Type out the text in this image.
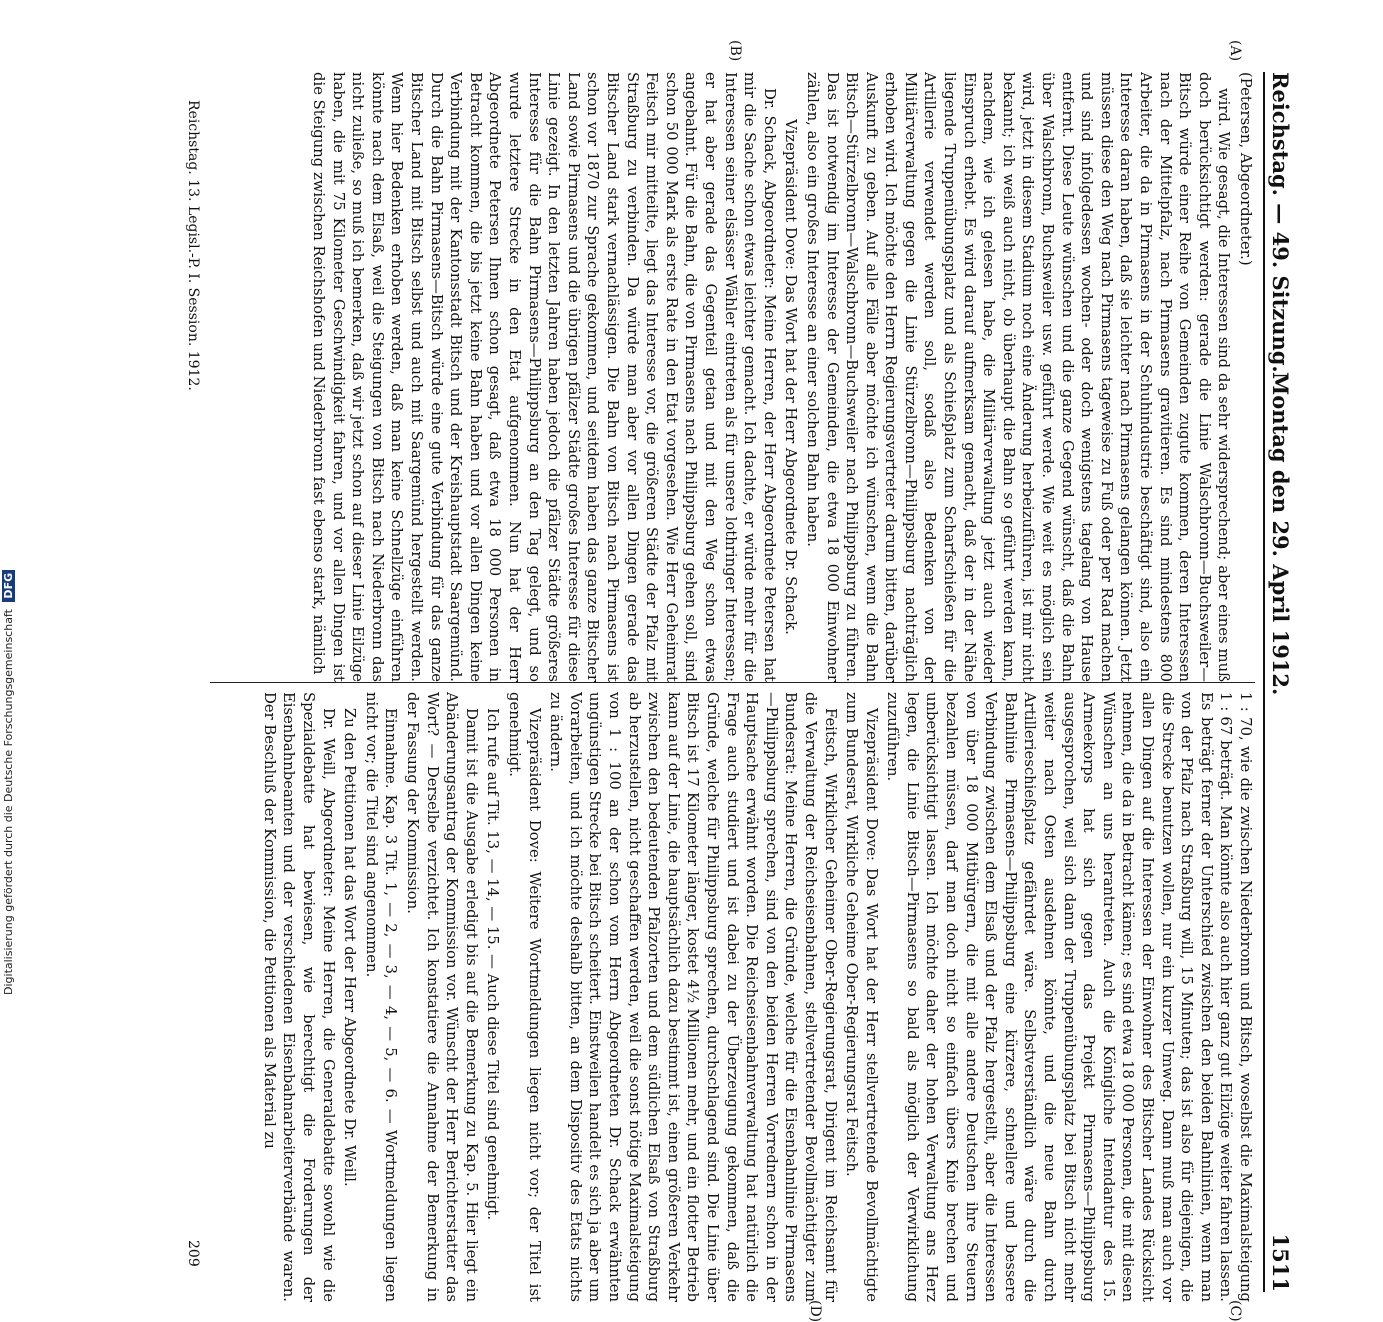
Reichstag. — 49. Sitzung.
Montag den 29. April 1912.
1511

(Petersen, Abgeordneter.)

wird. Wie gesagt, die Interessen sind da sehr widersprechend; aber eines muß doch berücksichtigt werden: gerade die Linie Walschbronn—Buchsweiler—Bitsch würde einer Reihe von Gemeinden zugute kommen, deren Interessen nach der Mittelpfalz, nach Pirmasens gravitieren. Es sind mindestens 800 Arbeiter, die da in Pirmasens in der Schuhindustrie beschäftigt sind, also ein Interesse daran haben, daß sie leichter nach Pirmasens gelangen können. Jetzt müssen diese den Weg nach Pirmasens tageweise zu Fuß oder per Rad machen und sind infolgedessen wochen- oder doch wenigstens tagelang von Hause entfernt. Diese Leute wünschen und die ganze Gegend wünscht, daß die Bahn über Walschbronn, Buchsweiler usw. geführt werde. Wie weit es möglich sein wird, jetzt in diesem Stadium noch eine Änderung herbeizuführen, ist mir nicht bekannt; ich weiß auch nicht, ob überhaupt die Bahn so geführt werden kann, nachdem, wie ich gelesen habe, die Militärverwaltung jetzt auch wieder Einspruch erhebt. Es wird darauf aufmerksam gemacht, daß der in der Nähe liegende Truppenübungsplatz und als Schießplatz zum Scharfschießen für die Artillerie verwendet werden soll, sodaß also Bedenken von der Militärverwaltung gegen die Linie Stürzelbronn—Philippsburg nachträglich erhoben wird. Ich möchte den Herrn Regierungsvertreter darum bitten, darüber Auskunft zu geben. Auf alle Fälle aber möchte ich wünschen, wenn die Bahn Bitsch—Stürzelbronn—Walschbronn—Buchsweiler nach Philippsburg zu führen. Das ist notwendig im Interesse der Gemeinden, die etwa 18 000 Einwohner zählen, also ein großes Interesse an einer solchen Bahn haben.

Vizepräsident Dove: Das Wort hat der Herr Abgeordnete Dr. Schack.

Dr. Schack, Abgeordneter: Meine Herren, der Herr Abgeordnete Petersen hat mir die Sache schon etwas leichter gemacht. Ich dachte, er würde mehr für die Interessen seiner elsässer Wähler eintreten als für unsere lothringer Interessen; er hat aber gerade das Gegenteil getan und mit den Weg schon etwas angebahnt. Für die Bahn, die von Pirmasens nach Philippsburg gehen soll, sind schon 50 000 Mark als erste Rate in den Etat vorgesehen. Wie Herr Geheimrat Feitsch mir mitteilte, liegt das Interesse vor, die größeren Städte der Pfalz mit Straßburg zu verbinden. Da würde man aber vor allen Dingen gerade das Bitscher Land stark vernachlässigen. Die Bahn von Bitsch nach Pirmasens ist schon vor 1870 zur Sprache gekommen, und seitdem haben das ganze Bitscher Land sowie Pirmasens und die übrigen pfälzer Städte großes Interesse für diese Linie gezeigt. In den letzten Jahren haben jedoch die pfälzer Städte größeres Interesse für die Bahn Pirmasens—Philippsburg an den Tag gelegt, und so wurde letztere Strecke in den Etat aufgenommen. Nun hat der Herr Abgeordnete Petersen Ihnen schon gesagt, daß etwa 18 000 Personen in Betracht kommen, die bis jetzt keine Bahn haben und vor allen Dingen keine Verbindung mit der Kantonsstadt Bitsch und der Kreishauptstadt Saargemünd. Durch die Bahn Pirmasens—Bitsch würde eine gute Verbindung für das ganze Bitscher Land mit Bitsch selbst und auch mit Saargemünd hergestellt werden. Wenn hier Bedenken erhoben werden, daß man keine Schnellzüge einführen könnte nach dem Elsaß, weil die Steigungen von Bitsch nach Niederbronn das nicht zuließe, so muß ich bemerken, daß wir jetzt schon auf dieser Linie Eilzüge haben, die mit 75 Kilometer Geschwindigkeit fahren, und vor allen Dingen ist die Steigung zwischen Reichshofen und Niederbronn fast ebenso stark, nämlich

1 : 70, wie die zwischen Niederbronn und Bitsch, woselbst die Maximalsteigung 1 : 67 beträgt. Man könnte also auch hier ganz gut Eilzüge weiter fahren lassen. Es beträgt ferner der Unterschied zwischen den beiden Bahnlinien, wenn man von der Pfalz nach Straßburg will, 15 Minuten; das ist also für diejenigen, die die Strecke benutzen wollen, nur ein kurzer Umweg. Dann muß man auch vor allen Dingen auf die Interessen der Einwohner des Bitscher Landes Rücksicht nehmen, die da in Betracht kämen; es sind etwa 18 000 Personen, die mit diesen Wünschen an uns herantreten. Auch die Königliche Intendantur des 15. Armeekorps hat sich gegen das Projekt Pirmasens—Philippsburg ausgesprochen, weil sich dann der Truppenübungsplatz bei Bitsch nicht mehr weiter nach Osten ausdehnen könnte, und die neue Bahn durch Artillerieschießplatz gefährdet wäre. Selbstverständlich wäre durch die Bahnlinie Pirmasens—Philippsburg eine kürzere, schnellere und bessere Verbindung zwischen dem Elsaß und der Pfalz hergestellt, aber die Interessen von über 18 000 Mitbürgern, die mit alle andere Deutschen ihre Steuern bezahlen müssen, darf man doch nicht so einfach übers Knie brechen und unberücksichtigt lassen. Ich möchte daher der hohen Verwaltung ans Herz legen, die Linie Bitsch—Pirmasens so bald als möglich der Verwirklichung zuzuführen.

Vizepräsident Dove: Das Wort hat der Herr stellvertretende Bevollmächtigte zum Bundesrat, Wirkliche Geheime Ober-Regierungsrat Feitsch.

Feitsch, Wirklicher Geheimer Ober-Regierungsrat, Dirigent im Reichsamt für die Verwaltung der Reichseisenbahnen, stellvertretender Bevollmächtigter zum Bundesrat: Meine Herren, die Gründe, welche für die Eisenbahnlinie Pirmasens—Philippsburg sprechen, sind von den beiden Herren Vorrednern schon in der Hauptsache erwähnt worden. Die Reichseisenbahnverwaltung hat natürlich die Frage auch studiert und ist dabei zu der Überzeugung gekommen, daß die Gründe, welche für Philippsburg sprechen, durchschlagend sind. Die Linie über Bitsch ist 17 Kilometer länger, kostet 4½ Millionen mehr, und ein flotter Betrieb kann auf der Linie, die hauptsächlich dazu bestimmt ist, einen größeren Verkehr zwischen den bedeutenden Pfalzorten und dem südlichen Elsaß von Straßburg ab herzustellen, nicht geschaffen werden, weil die sonst nötige Maximalsteigung von 1 : 100 an der schon vom Herrn Abgeordneten Dr. Schack erwähnten ungünstigen Strecke bei Bitsch scheitert. Einstweilen handelt es sich ja aber um Vorarbeiten, und ich möchte deshalb bitten, an dem Dispositiv des Etats nichts zu ändern.

Vizepräsident Dove: Weitere Wortmeldungen liegen nicht vor; der Titel ist genehmigt.

Ich rufe auf Tit. 13, — 14, — 15. — Auch diese Titel sind genehmigt.

Damit ist die Ausgabe erledigt bis auf die Bemerkung zu Kap. 5. Hier liegt ein Abänderungsantrag der Kommission vor. Wünscht der Herr Berichterstatter das Wort? — Derselbe verzichtet. Ich konstatiere die Annahme der Bemerkung in der Fassung der Kommission.

Einnahme. Kap. 3 Tit. 1, — 2, — 3, — 4, — 5, — 6. — Wortmeldungen liegen nicht vor; die Titel sind angenommen.

Zu den Petitionen hat das Wort der Herr Abgeordnete Dr. Weill.

Dr. Weill, Abgeordneter: Meine Herren, die Generaldebatte sowohl wie die Spezialdebatte hat bewiesen, wie berechtigt die Forderungen der Eisenbahnbeamten und der verschiedenen Eisenbahnarbeiterverbände waren. Der Beschluß der Kommission, die Petitionen als Material zu

(A)
(B)
(C)
(D)
Reichstag. 13. Legisl.-P. I. Session. 1912.
209
Digitalisierung gefördert durch die Deutsche Forschungsgemeinschaft DFG
